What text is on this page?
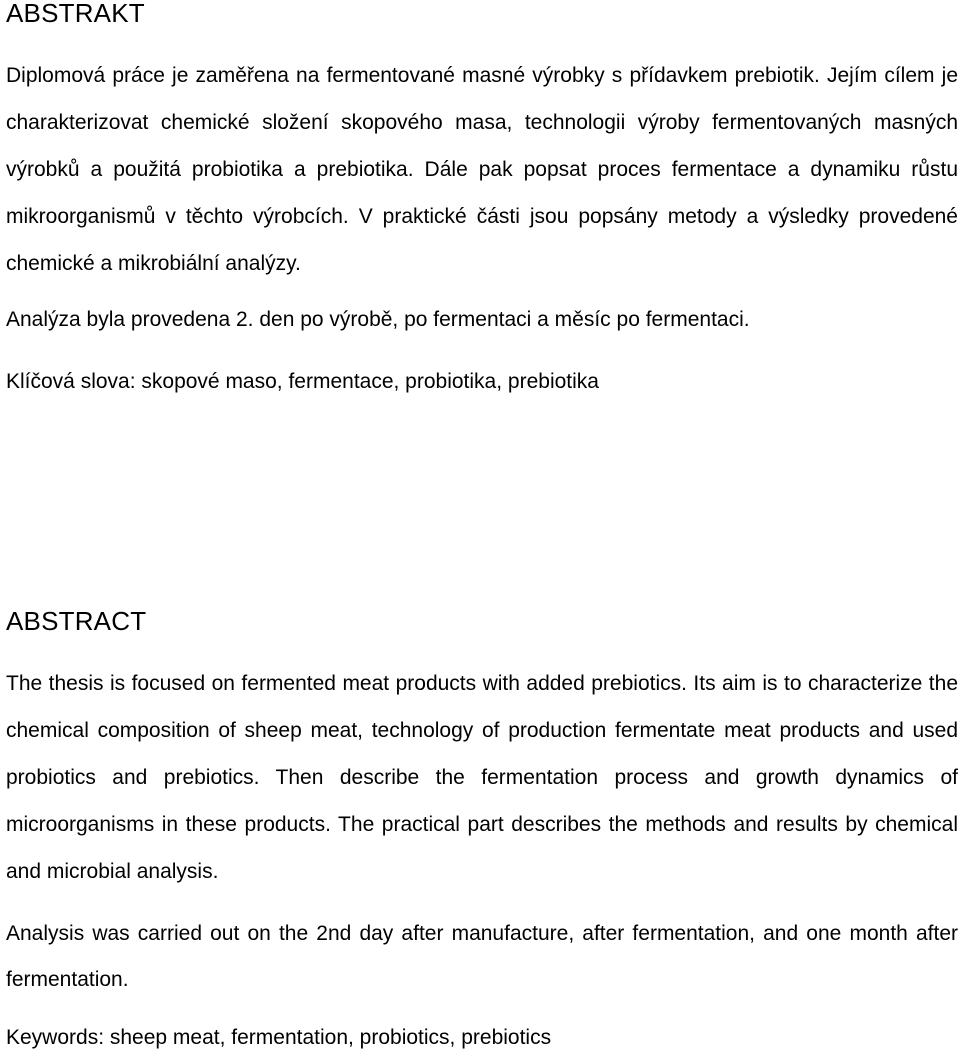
ABSTRAKT

Diplomová práce je zaměřena na fermentované masné výrobky s přídavkem prebiotik. Jejím cílem je charakterizovat chemické složení skopového masa, technologii výroby fermentovaných masných výrobků a použitá probiotika a prebiotika. Dále pak popsat proces fermentace a dynamiku růstu mikroorganismů v těchto výrobcích. V praktické části jsou popsány metody a výsledky provedené chemické a mikrobiální analýzy.

Analýza byla provedena 2. den po výrobě, po fermentaci a měsíc po fermentaci.

Klíčová slova: skopové maso, fermentace, probiotika, prebiotika

ABSTRACT

The thesis is focused on fermented meat products with added prebiotics. Its aim is to characterize the chemical composition of sheep meat, technology of production fermentate meat products and used probiotics and prebiotics. Then describe the fermentation process and growth dynamics of microorganisms in these products. The practical part describes the methods and results by chemical and microbial analysis.

Analysis was carried out on the 2nd day after manufacture, after fermentation, and one month after fermentation.

Keywords: sheep meat, fermentation, probiotics, prebiotics
